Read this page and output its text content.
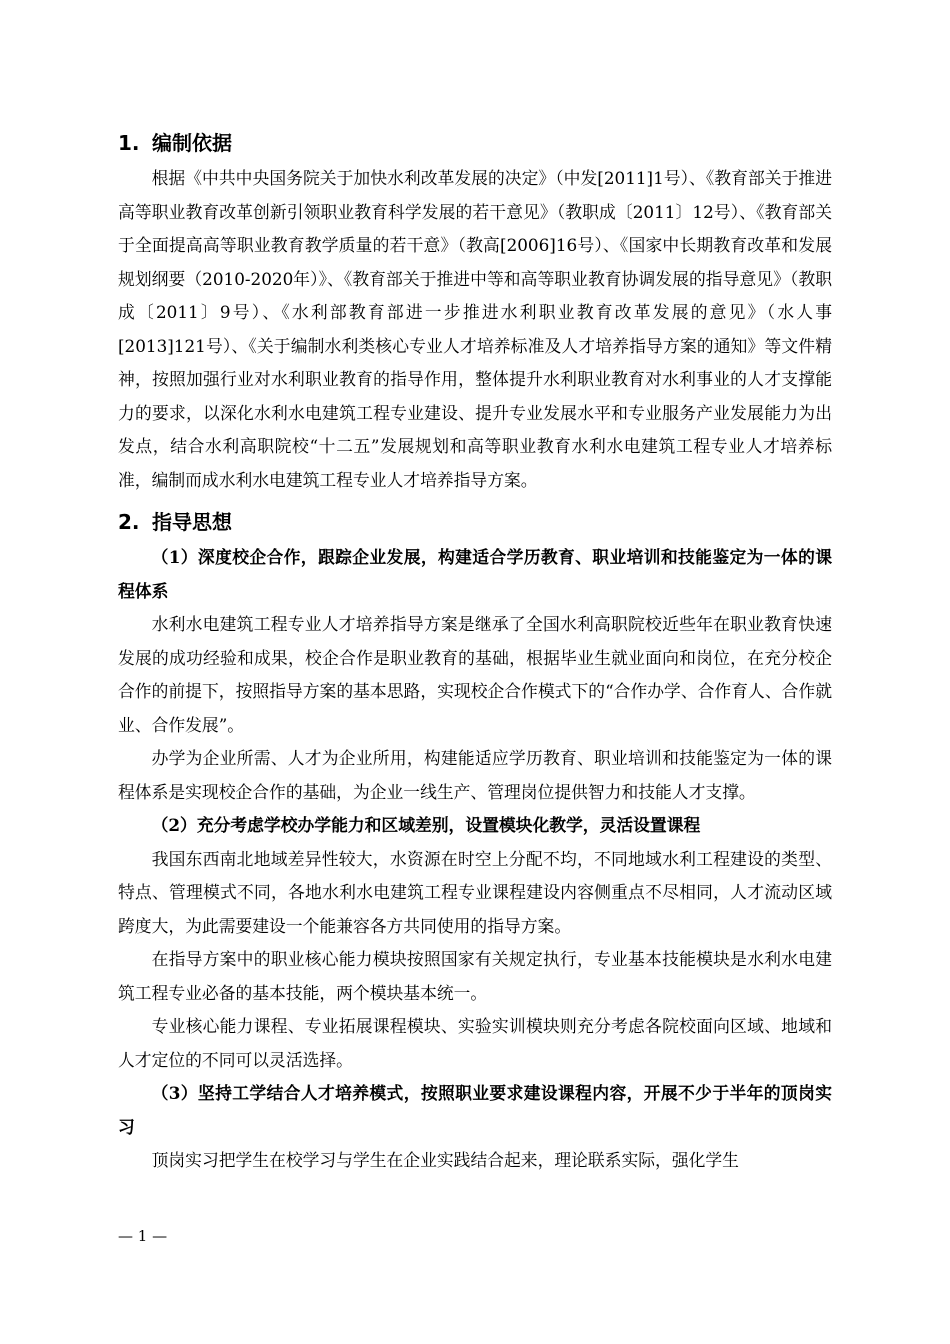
1. 编制依据

根据《中共中央国务院关于加快水利改革发展的决定》（中发[2011]1号）、《教育部关于推进高等职业教育改革创新引领职业教育科学发展的若干意见》（教职成〔2011〕12号）、《教育部关于全面提高高等职业教育教学质量的若干意》（教高[2006]16号）、《国家中长期教育改革和发展规划纲要（2010-2020年）》、《教育部关于推进中等和高等职业教育协调发展的指导意见》（教职成〔2011〕9号）、《水利部教育部进一步推进水利职业教育改革发展的意见》（水人事[2013]121号）、《关于编制水利类核心专业人才培养标准及人才培养指导方案的通知》等文件精神，按照加强行业对水利职业教育的指导作用，整体提升水利职业教育对水利事业的人才支撑能力的要求，以深化水利水电建筑工程专业建设、提升专业发展水平和专业服务产业发展能力为出发点，结合水利高职院校“十二五”发展规划和高等职业教育水利水电建筑工程专业人才培养标准，编制而成水利水电建筑工程专业人才培养指导方案。

2. 指导思想

（1）深度校企合作，跟踪企业发展，构建适合学历教育、职业培训和技能鉴定为一体的课程体系

水利水电建筑工程专业人才培养指导方案是继承了全国水利高职院校近些年在职业教育快速发展的成功经验和成果，校企合作是职业教育的基础，根据毕业生就业面向和岗位，在充分校企合作的前提下，按照指导方案的基本思路，实现校企合作模式下的“合作办学、合作育人、合作就业、合作发展”。

办学为企业所需、人才为企业所用，构建能适应学历教育、职业培训和技能鉴定为一体的课程体系是实现校企合作的基础，为企业一线生产、管理岗位提供智力和技能人才支撑。

（2）充分考虑学校办学能力和区域差别，设置模块化教学，灵活设置课程

我国东西南北地域差异性较大，水资源在时空上分配不均，不同地域水利工程建设的类型、特点、管理模式不同，各地水利水电建筑工程专业课程建设内容侧重点不尽相同，人才流动区域跨度大，为此需要建设一个能兼容各方共同使用的指导方案。

在指导方案中的职业核心能力模块按照国家有关规定执行，专业基本技能模块是水利水电建筑工程专业必备的基本技能，两个模块基本统一。

专业核心能力课程、专业拓展课程模块、实验实训模块则充分考虑各院校面向区域、地域和人才定位的不同可以灵活选择。

（3）坚持工学结合人才培养模式，按照职业要求建设课程内容，开展不少于半年的顶岗实习

顶岗实习把学生在校学习与学生在企业实践结合起来，理论联系实际，强化学生

— 1 —
